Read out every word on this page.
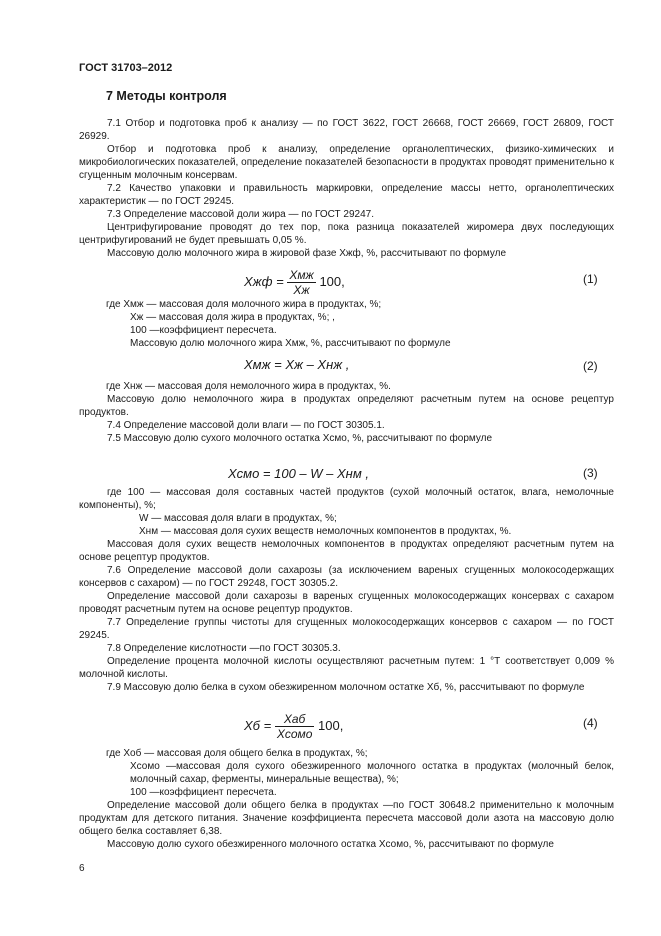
ГОСТ 31703–2012
7 Методы контроля

7.1 Отбор и подготовка проб к анализу — по ГОСТ 3622, ГОСТ 26668, ГОСТ 26669, ГОСТ 26809, ГОСТ 26929.

Отбор и подготовка проб к анализу, определение органолептических, физико-химических и микробиологических показателей, определение показателей безопасности в продуктах проводят применительно к сгущенным молочным консервам.

7.2 Качество упаковки и правильность маркировки, определение массы нетто, органолептических характеристик — по ГОСТ 29245.

7.3 Определение массовой доли жира — по ГОСТ 29247.

Центрифугирование проводят до тех пор, пока разница показателей жиромера двух последующих центрифугирований не будет превышать 0,05 %.

Массовую долю молочного жира в жировой фазе Xжф, %, рассчитывают по формуле

Xжф = $\frac{\text{Xмж}}{Xж} 100$,	(1)

где Xмж — массовая доля молочного жира в продуктах, %;

Xж — массовая доля жира в продуктах, %; ,

100 —коэффициент пересчета.

Массовую долю молочного жира Xмж, %, рассчитывают по формуле

Xмж = Xж – Xнж ,	(2)

где Xнж — массовая доля немолочного жира в продуктах, %.

Массовую долю немолочного жира в продуктах определяют расчетным путем на основе рецептур продуктов.

7.4 Определение массовой доли влаги — по ГОСТ 30305.1.

7.5 Массовую долю сухого молочного остатка Xсмо, %, рассчитывают по формуле

Xсмо = 100 – W – Xнм ,	(3)

где 100 — массовая доля составных частей продуктов (сухой молочный остаток, влага, немолочные компоненты), %;

W — массовая доля влаги в продуктах, %;

Xнм — массовая доля сухих веществ немолочных компонентов в продуктах, %.

Массовая доля сухих веществ немолочных компонентов в продуктах определяют расчетным путем на основе рецептур продуктов.

7.6 Определение массовой доли сахарозы (за исключением вареных сгущенных молокосодержащих консервов с сахаром) — по ГОСТ 29248, ГОСТ 30305.2.

Определение массовой доли сахарозы в вареных сгущенных молокосодержащих консервах с сахаром проводят расчетным путем на основе рецептур продуктов.

7.7 Определение группы чистоты для сгущенных молокосодержащих консервов с сахаром — по ГОСТ 29245.

7.8 Определение кислотности —по ГОСТ 30305.3.

Определение процента молочной кислоты осуществляют расчетным путем: 1 °Т соответствует 0,009 % молочной кислоты.

7.9 Массовую долю белка в сухом обезжиренном молочном остатке Xб, %, рассчитывают по формуле

Xб = $\frac{\text{Xаб}}{\text{Xсомо}} 100$,	(4)

где Xоб — массовая доля общего белка в продуктах, %;

Xсомо —массовая доля сухого обезжиренного молочного остатка в продуктах (молочный белок, молочный сахар, ферменты, минеральные вещества), %;

100 —коэффициент пересчета.

Определение массовой доли общего белка в продуктах —по ГОСТ 30648.2 применительно к молочным продуктам для детского питания. Значение коэффициента пересчета массовой доли азота на массовую долю общего белка составляет 6,38.

Массовую долю сухого обезжиренного молочного остатка Xсомо, %, рассчитывают по формуле

6
